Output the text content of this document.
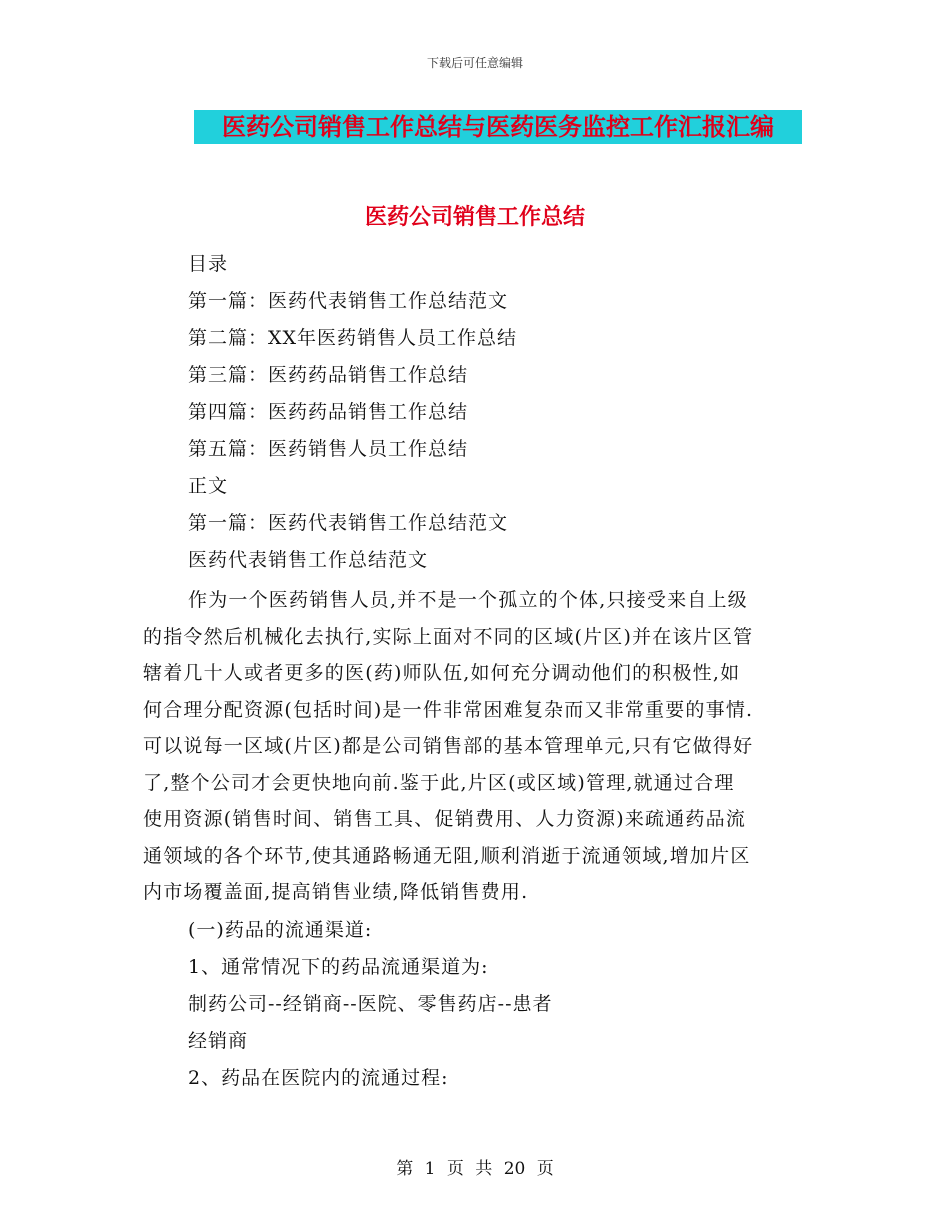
下载后可任意编辑
医药公司销售工作总结与医药医务监控工作汇报汇编
医药公司销售工作总结
目录
第一篇：医药代表销售工作总结范文
第二篇：XX年医药销售人员工作总结
第三篇：医药药品销售工作总结
第四篇：医药药品销售工作总结
第五篇：医药销售人员工作总结
正文
第一篇：医药代表销售工作总结范文
医药代表销售工作总结范文
作为一个医药销售人员,并不是一个孤立的个体,只接受来自上级
的指令然后机械化去执行,实际上面对不同的区域(片区)并在该片区管
辖着几十人或者更多的医(药)师队伍,如何充分调动他们的积极性,如
何合理分配资源(包括时间)是一件非常困难复杂而又非常重要的事情.
可以说每一区域(片区)都是公司销售部的基本管理单元,只有它做得好
了,整个公司才会更快地向前.鉴于此,片区(或区域)管理,就通过合理
使用资源(销售时间、销售工具、促销费用、人力资源)来疏通药品流
通领域的各个环节,使其通路畅通无阻,顺利消逝于流通领域,增加片区
内市场覆盖面,提高销售业绩,降低销售费用.
(一)药品的流通渠道:
1、通常情况下的药品流通渠道为:
制药公司--经销商--医院、零售药店--患者
经销商
2、药品在医院内的流通过程:
第 1 页 共 20 页
